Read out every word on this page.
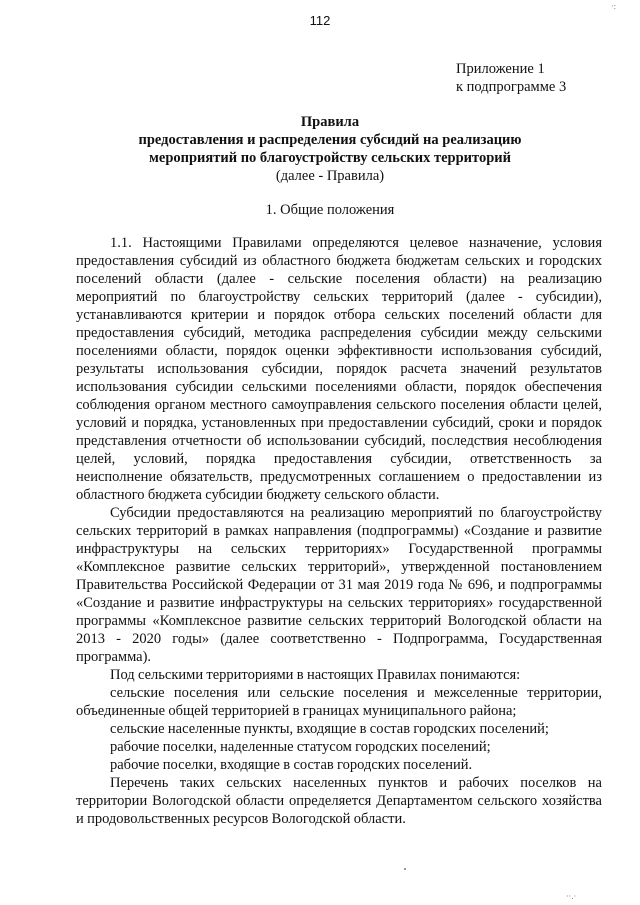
·:
112
Приложение 1
к подпрограмме 3
Правила
предоставления и распределения субсидий на реализацию
мероприятий по благоустройству сельских территорий
(далее - Правила)
1. Общие положения

1.1. Настоящими Правилами определяются целевое назначение, условия предоставления субсидий из областного бюджета бюджетам сельских и городских поселений области (далее - сельские поселения области) на реализацию мероприятий по благоустройству сельских территорий (далее - субсидии), устанавливаются критерии и порядок отбора сельских поселений области для предоставления субсидий, методика распределения субсидии между сельскими поселениями области, порядок оценки эффективности использования субсидий, результаты использования субсидии, порядок расчета значений результатов использования субсидии сельскими поселениями области, порядок обеспечения соблюдения органом местного самоуправления сельского поселения области целей, условий и порядка, установленных при предоставлении субсидий, сроки и порядок представления отчетности об использовании субсидий, последствия несоблюдения целей, условий, порядка предоставления субсидии, ответственность за неисполнение обязательств, предусмотренных соглашением о предоставлении из областного бюджета субсидии бюджету сельского области.

Субсидии предоставляются на реализацию мероприятий по благоустройству сельских территорий в рамках направления (подпрограммы) «Создание и развитие инфраструктуры на сельских территориях» Государственной программы «Комплексное развитие сельских территорий», утвержденной постановлением Правительства Российской Федерации от 31 мая 2019 года № 696, и подпрограммы «Создание и развитие инфраструктуры на сельских территориях» государственной программы «Комплексное развитие сельских территорий Вологодской области на 2013 - 2020 годы» (далее соответственно - Подпрограмма, Государственная программа).

Под сельскими территориями в настоящих Правилах понимаются:

сельские поселения или сельские поселения и межселенные территории, объединенные общей территорией в границах муниципального района;

сельские населенные пункты, входящие в состав городских поселений;

рабочие поселки, наделенные статусом городских поселений;

рабочие поселки, входящие в состав городских поселений.

Перечень таких сельских населенных пунктов и рабочих поселков на территории Вологодской области определяется Департаментом сельского хозяйства и продовольственных ресурсов Вологодской области.

··.·
